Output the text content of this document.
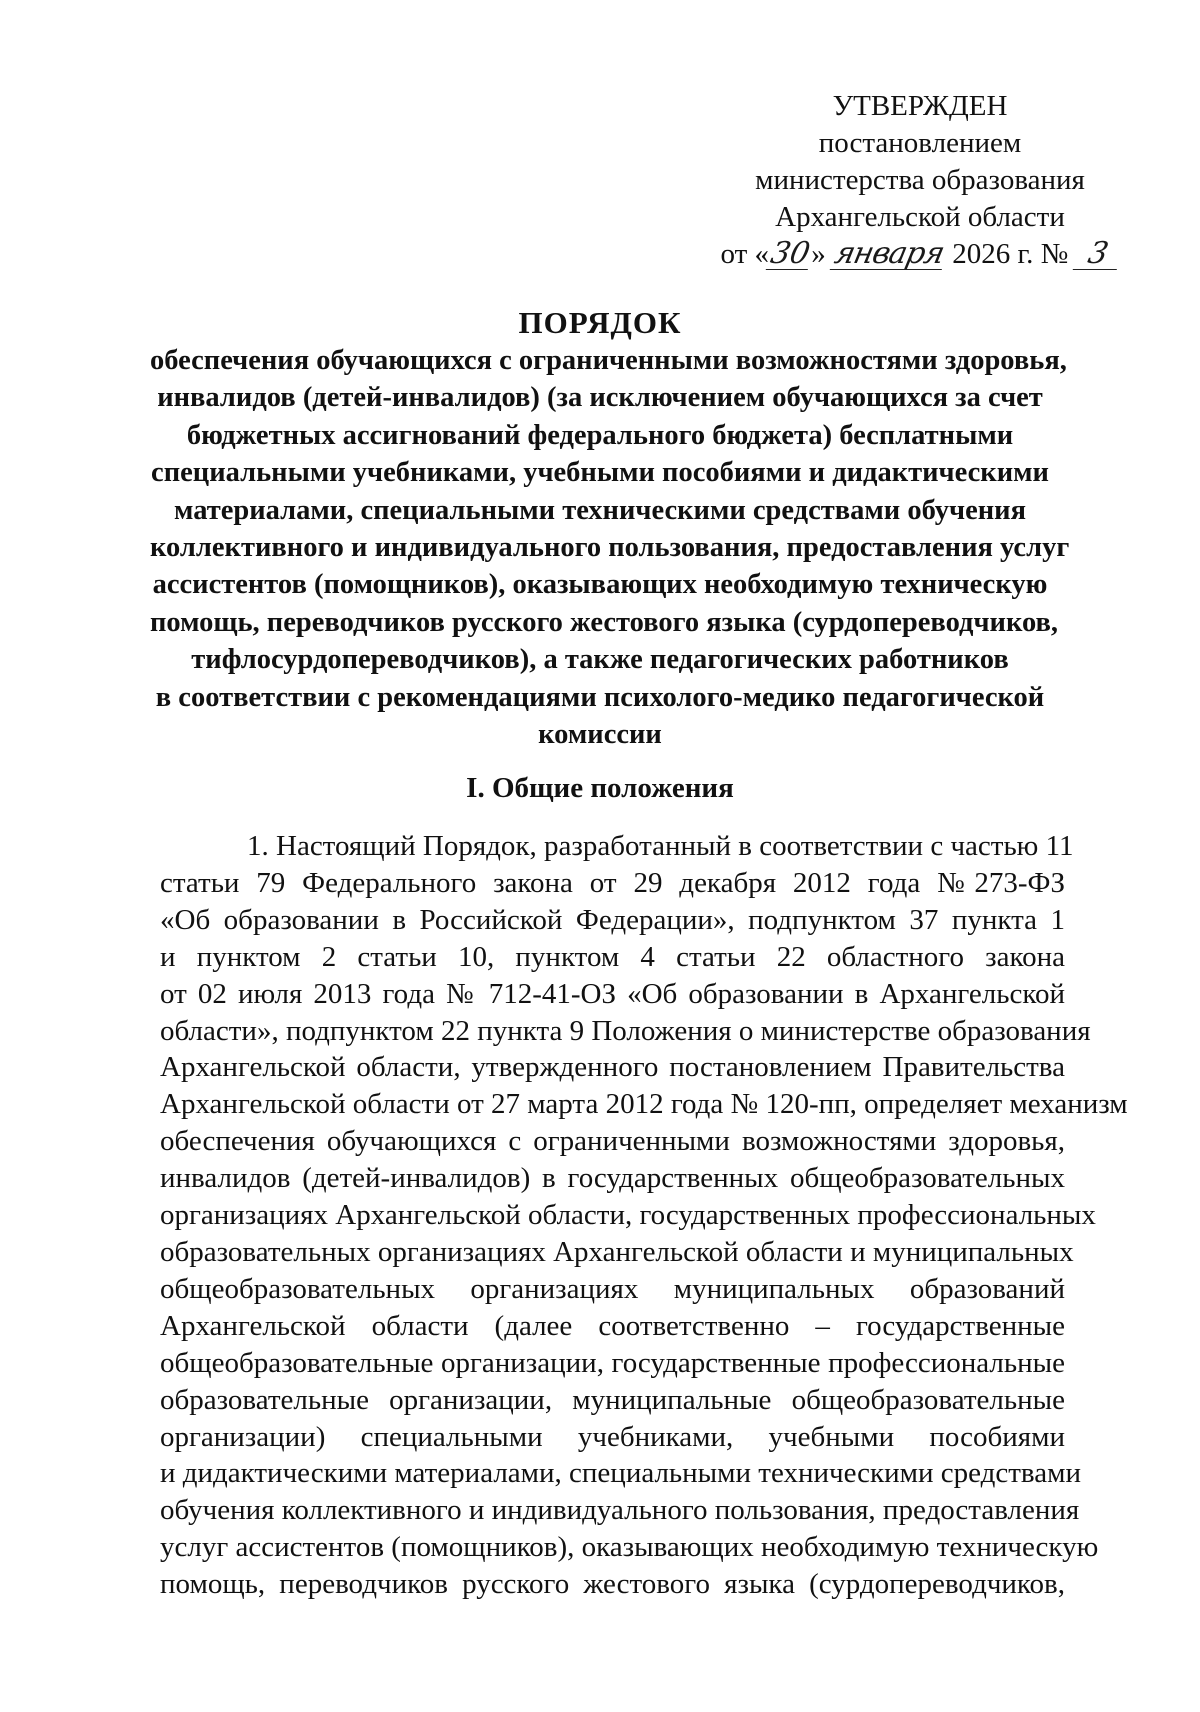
УТВЕРЖДЕН
постановлением
министерства образования
Архангельской области
от «30» января 2026 г. № 3
ПОРЯДОК
обеспечения обучающихся с ограниченными возможностями здоровья,
инвалидов (детей-инвалидов) (за исключением обучающихся за счет
бюджетных ассигнований федерального бюджета) бесплатными
специальными учебниками, учебными пособиями и дидактическими
материалами, специальными техническими средствами обучения
коллективного и индивидуального пользования, предоставления услуг
ассистентов (помощников), оказывающих необходимую техническую
помощь, переводчиков русского жестового языка (сурдопереводчиков,
тифлосурдопереводчиков), а также педагогических работников
в соответствии с рекомендациями психолого-медико педагогической
комиссии
I. Общие положения
1. Настоящий Порядок, разработанный в соответствии с частью 11
статьи 79 Федерального закона от 29 декабря 2012 года №273-ФЗ
«Об образовании в Российской Федерации», подпунктом 37 пункта 1
и пунктом 2 статьи 10, пунктом 4 статьи 22 областного закона
от 02 июля 2013 года № 712-41-ОЗ «Об образовании в Архангельской
области», подпунктом 22 пункта 9 Положения о министерстве образования
Архангельской области, утвержденного постановлением Правительства
Архангельской области от 27 марта 2012 года № 120-пп, определяет механизм
обеспечения обучающихся с ограниченными возможностями здоровья,
инвалидов (детей-инвалидов) в государственных общеобразовательных
организациях Архангельской области, государственных профессиональных
образовательных организациях Архангельской области и муниципальных
общеобразовательных организациях муниципальных образований
Архангельской области (далее соответственно – государственные
общеобразовательные организации, государственные профессиональные
образовательные организации, муниципальные общеобразовательные
организации) специальными учебниками, учебными пособиями
и дидактическими материалами, специальными техническими средствами
обучения коллективного и индивидуального пользования, предоставления
услуг ассистентов (помощников), оказывающих необходимую техническую
помощь, переводчиков русского жестового языка (сурдопереводчиков,
